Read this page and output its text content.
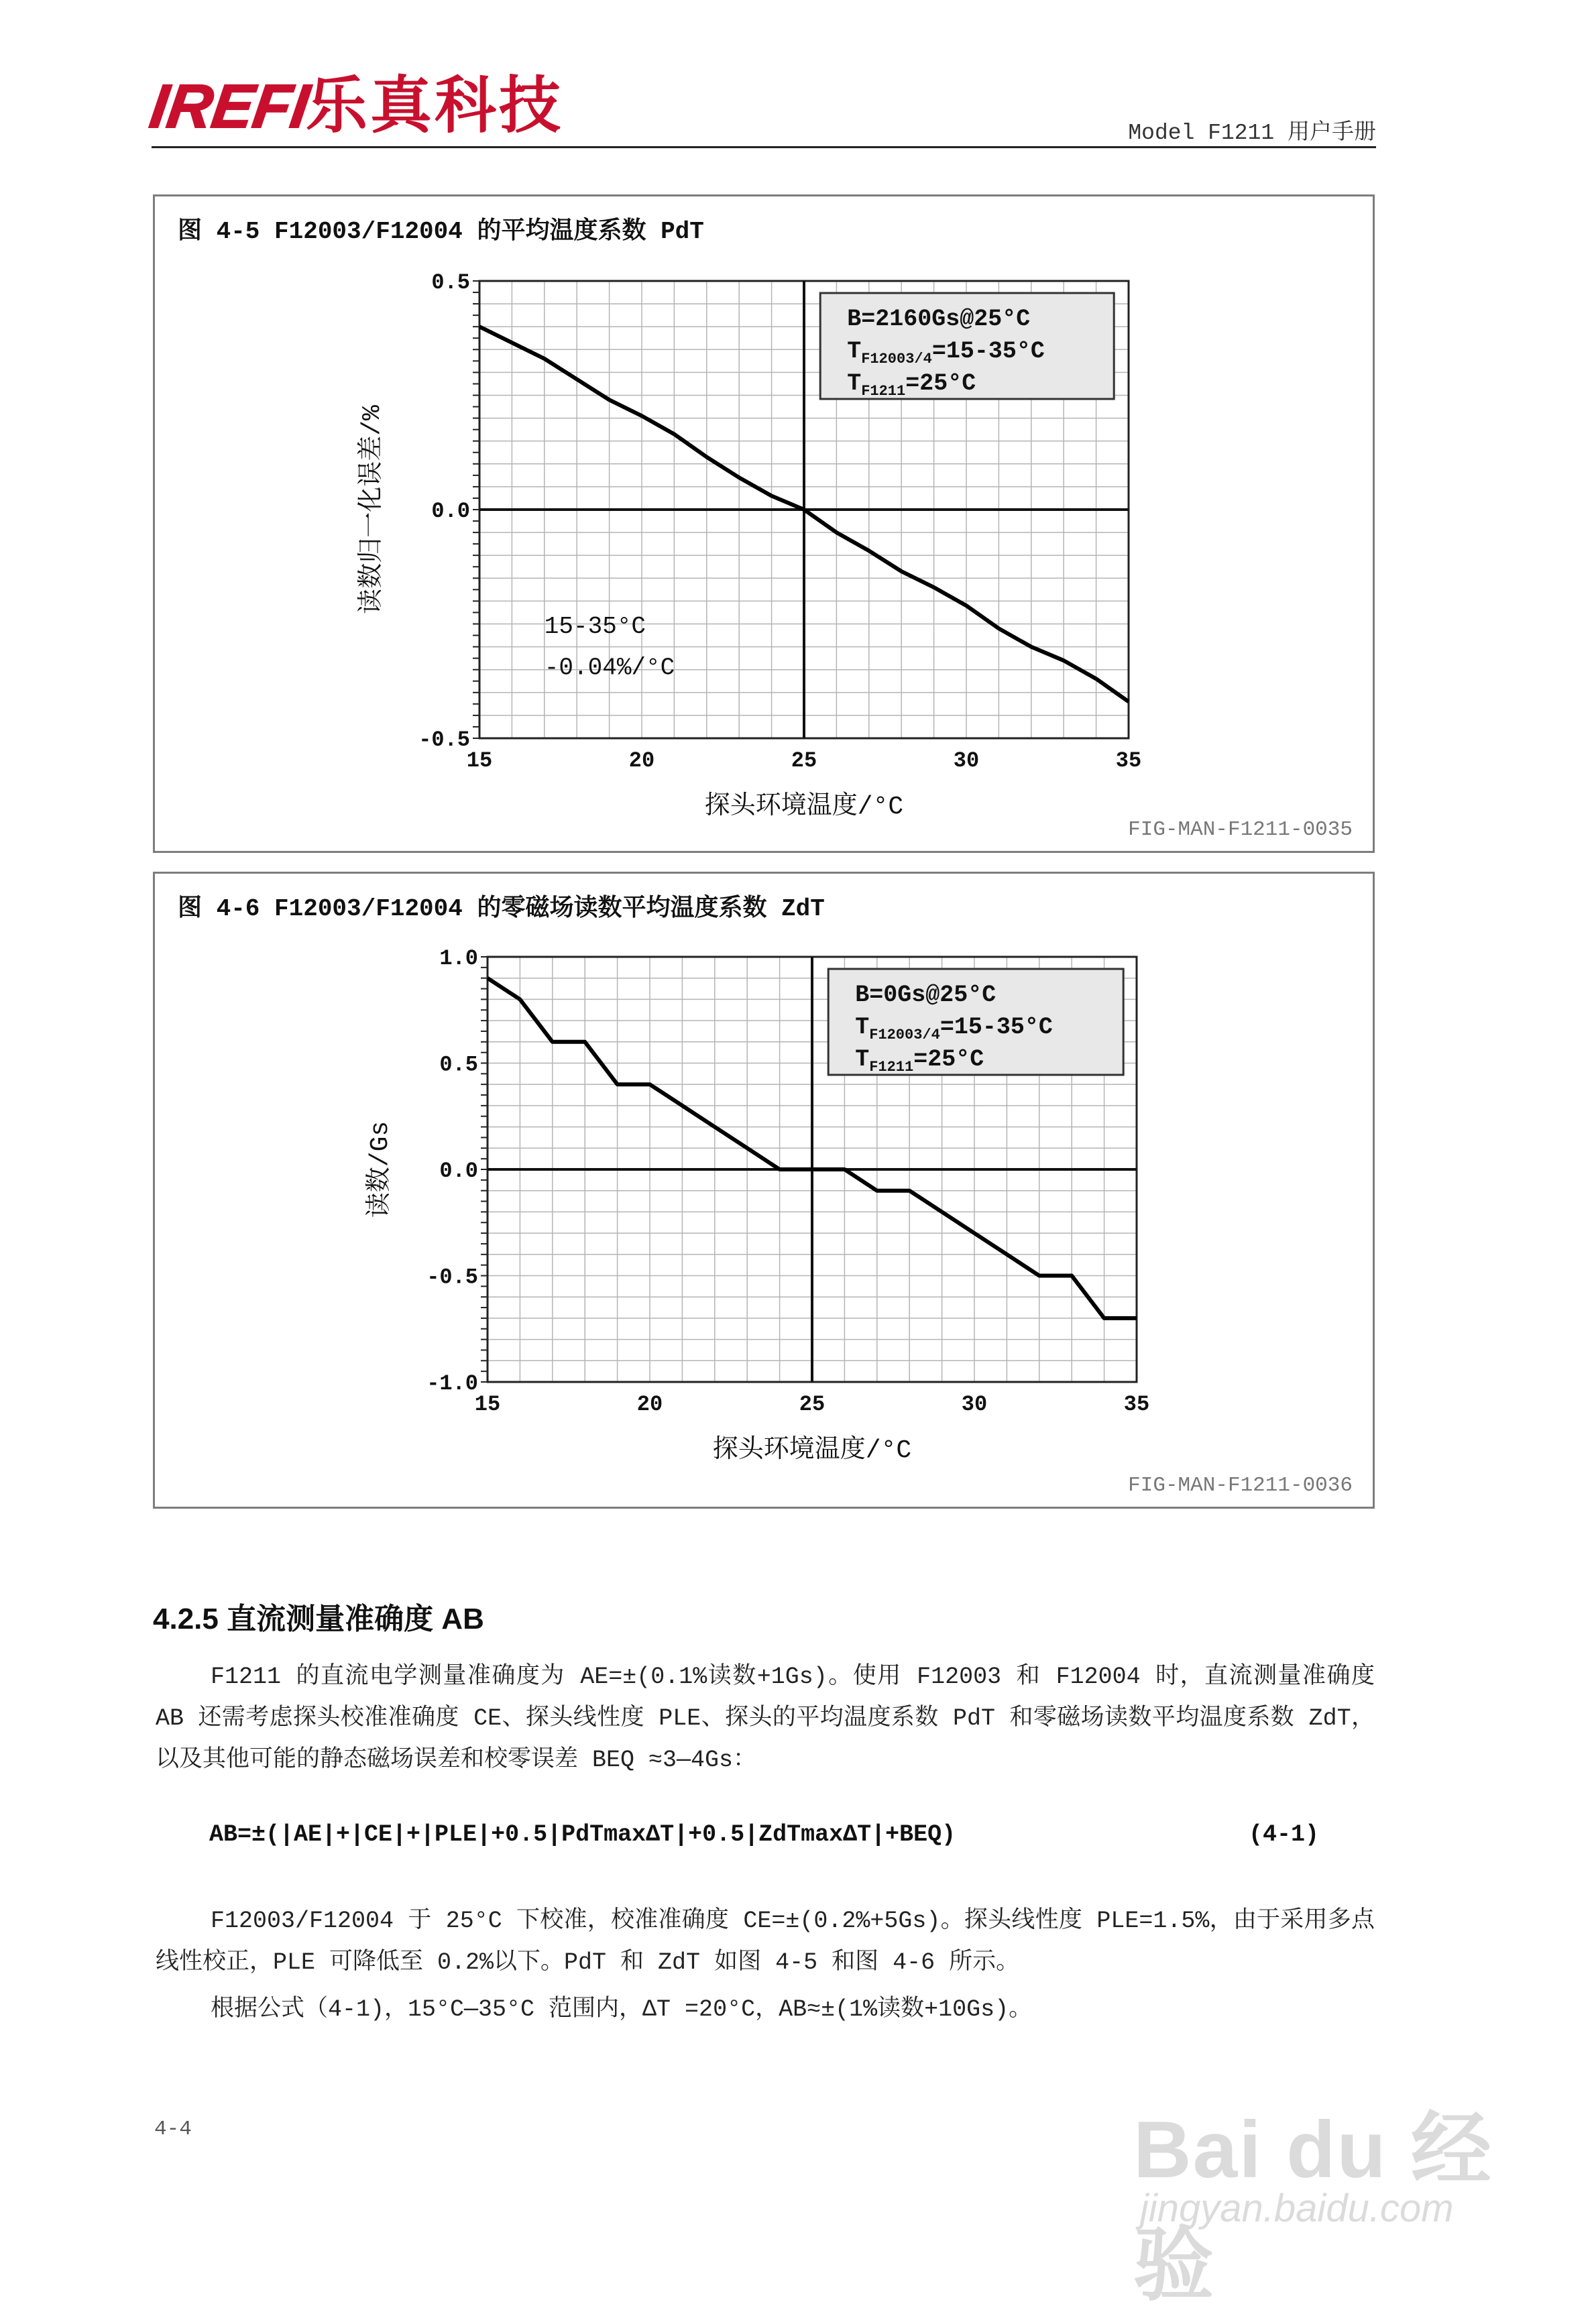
IREFI
乐真科技	Model F1211 用户手册
图 4-5 F12003/F12004 的平均温度系数 PdT
15	20	25	30	35
0.5
0.0
-0.5
探头环境温度/°C
读数归一化误差/%
B=2160Gs@25°C
$T_{F12003/4}=15-35^\circ C$
$T_{F1211}=25^\circ C$
15-35°C
-0.04%/°C
FIG-MAN-F1211-0035
图 4-6 F12003/F12004 的零磁场读数平均温度系数 ZdT
15	20	25	30	35
1.0
0.5
0.0
-0.5
-1.0
探头环境温度/°C
读数/Gs
B=0Gs@25°C
$T_{F12003/4}=15-35^\circ C$
$T_{F1211}=25^\circ C$
FIG-MAN-F1211-0036
4.2.5 直流测量准确度 AB
F1211 的直流电学测量准确度为 AE=±(0.1%读数+1Gs)。使用 F12003 和 F12004 时，直流测量准确度 AB 还需考虑探头校准准确度 CE、探头线性度 PLE、探头的平均温度系数 PdT 和零磁场读数平均温度系数 ZdT，以及其他可能的静态磁场误差和校零误差 BEQ ≈3—4Gs：
AB=±(|AE|+|CE|+|PLE|+0.5|PdTmaxΔT|+0.5|ZdTmaxΔT|+BEQ)	(4-1)
F12003/F12004 于 25°C 下校准，校准准确度 CE=±(0.2%+5Gs)。探头线性度 PLE=1.5%，由于采用多点线性校正，PLE 可降低至 0.2%以下。PdT 和 ZdT 如图 4-5 和图 4-6 所示。
根据公式（4-1)，15°C—35°C 范围内，ΔT =20°C，AB≈±(1%读数+10Gs)。
4-4	Bai du 经验
jingyan.baidu.com
